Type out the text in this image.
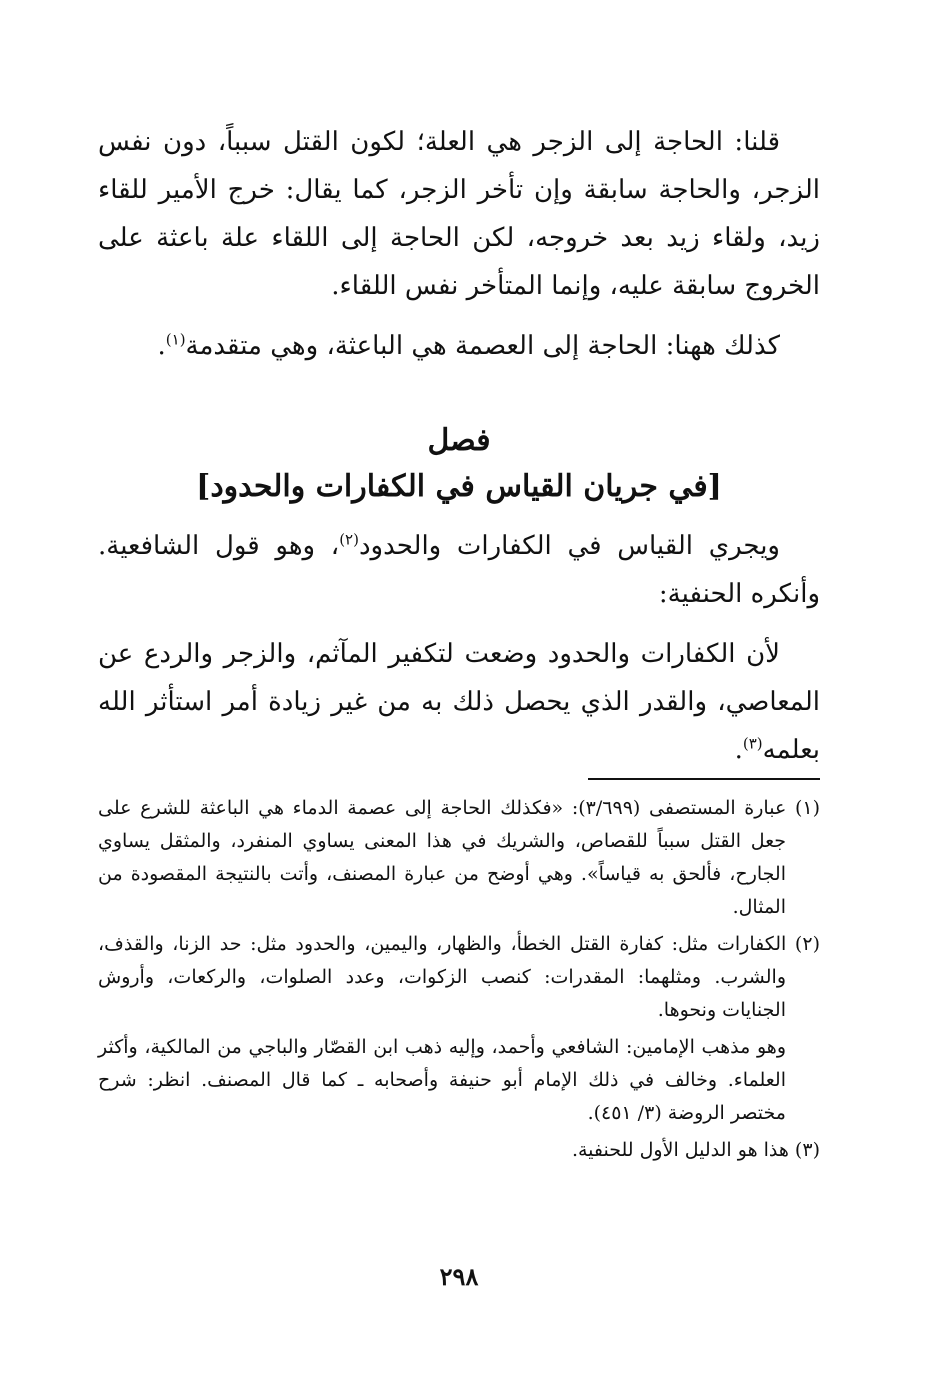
قلنا: الحاجة إلى الزجر هي العلة؛ لكون القتل سبباً، دون نفس الزجر، والحاجة سابقة وإن تأخر الزجر، كما يقال: خرج الأمير للقاء زيد، ولقاء زيد بعد خروجه، لكن الحاجة إلى اللقاء علة باعثة على الخروج سابقة عليه، وإنما المتأخر نفس اللقاء.

كذلك ههنا: الحاجة إلى العصمة هي الباعثة، وهي متقدمة$^{(١)}$.

فصل

[في جريان القياس في الكفارات والحدود]

ويجري القياس في الكفارات والحدود$^{(٢)}$، وهو قول الشافعية. وأنكره الحنفية:

لأن الكفارات والحدود وضعت لتكفير المآثم، والزجر والردع عن المعاصي، والقدر الذي يحصل ذلك به من غير زيادة أمر استأثر الله بعلمه$^{(٣)}$.

(١) عبارة المستصفى (٣/٦٩٩): «فكذلك الحاجة إلى عصمة الدماء هي الباعثة للشرع على جعل القتل سبباً للقصاص، والشريك في هذا المعنى يساوي المنفرد، والمثقل يساوي الجارح، فألحق به قياساً». وهي أوضح من عبارة المصنف، وأتت بالنتيجة المقصودة من المثال.

(٢) الكفارات مثل: كفارة القتل الخطأ، والظهار، واليمين، والحدود مثل: حد الزنا، والقذف، والشرب. ومثلهما: المقدرات: كنصب الزكوات، وعدد الصلوات، والركعات، وأروش الجنايات ونحوها.

وهو مذهب الإمامين: الشافعي وأحمد، وإليه ذهب ابن القصّار والباجي من المالكية، وأكثر العلماء. وخالف في ذلك الإمام أبو حنيفة وأصحابه ـ كما قال المصنف. انظر: شرح مختصر الروضة (٣/ ٤٥١).

(٣) هذا هو الدليل الأول للحنفية.

٢٩٨
